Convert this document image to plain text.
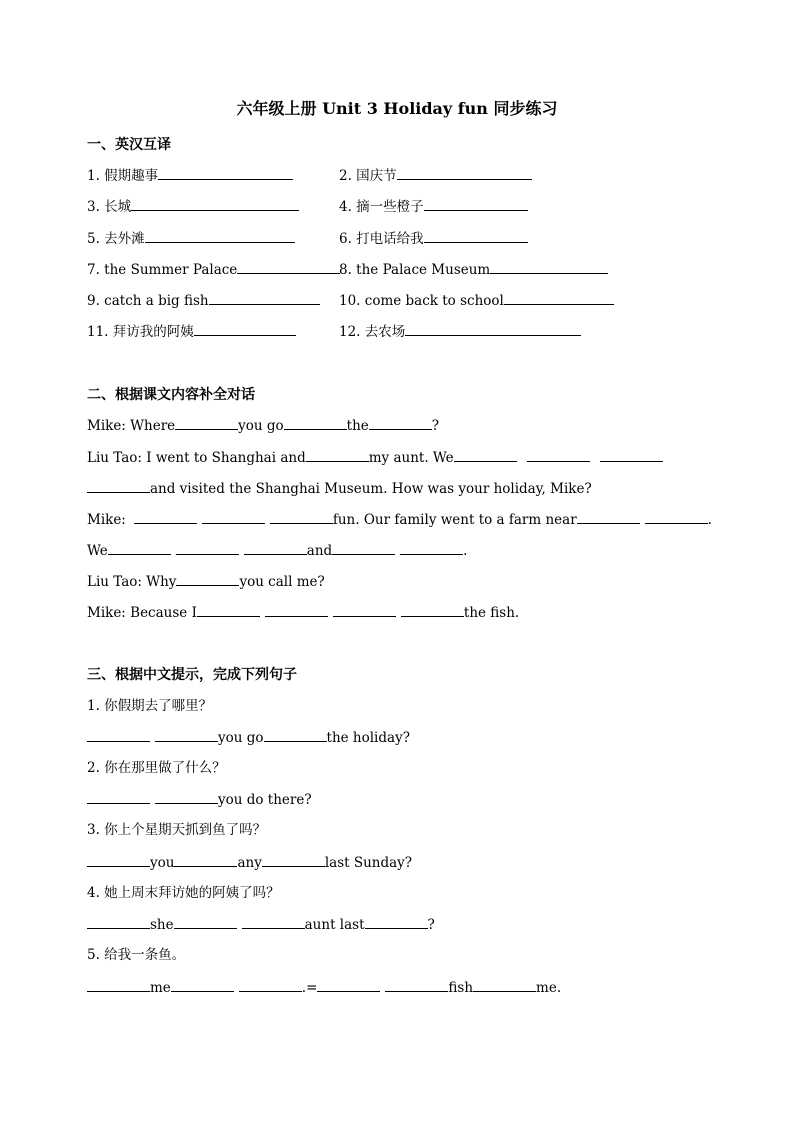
六年级上册 Unit 3 Holiday fun 同步练习
一、英汉互译
1. 假期趣事	2. 国庆节
3. 长城	4. 摘一些橙子
5. 去外滩	6. 打电话给我
7. the Summer Palace	8. the Palace Museum
9. catch a big fish	10. come back to school
11. 拜访我的阿姨	12. 去农场
二、根据课文内容补全对话
Mike: Where	you go	the	?
Liu Tao: I went to Shanghai and	my aunt. We
and visited the Shanghai Museum. How was your holiday, Mike?
Mike:	fun. Our family went to a farm near	.
We	and	.
Liu Tao: Why	you call me?
Mike: Because I	the fish.
三、根据中文提示，完成下列句子
1. 你假期去了哪里？
you go	the holiday?
2. 你在那里做了什么？
you do there?
3. 你上个星期天抓到鱼了吗？
you	any	last Sunday?
4. 她上周末拜访她的阿姨了吗？
she	aunt last	?
5. 给我一条鱼。
me	.=	fish	me.
